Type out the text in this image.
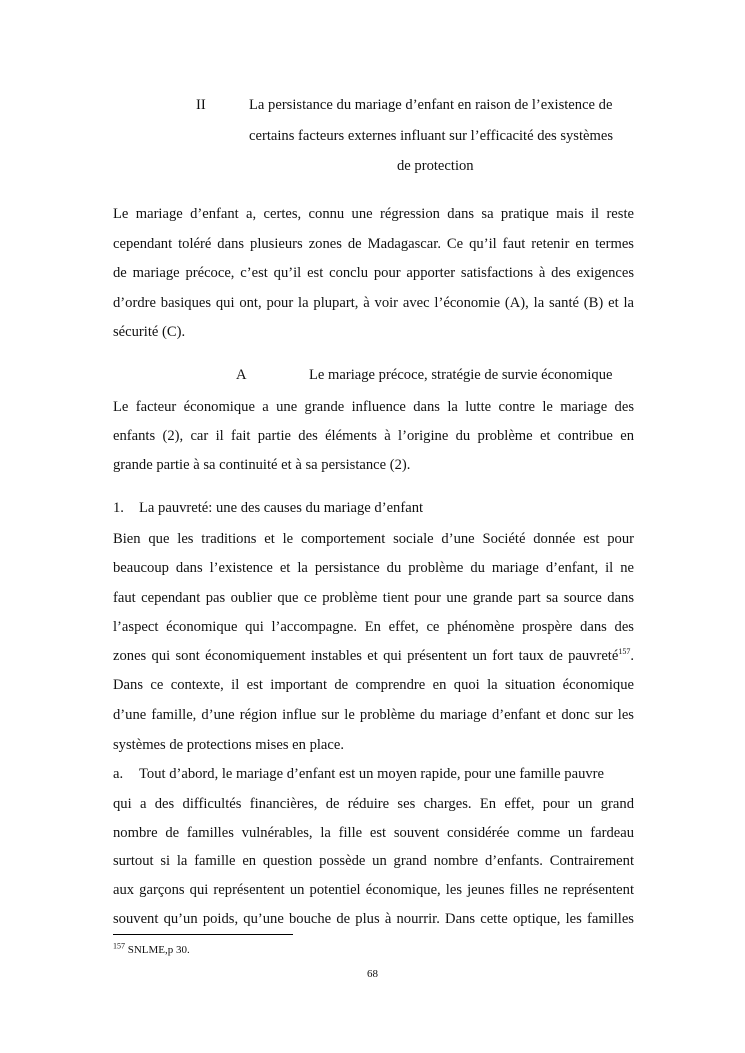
II	La persistance du mariage d’enfant en raison de l’existence de
certains facteurs externes influant sur l’efficacité des systèmes
de protection
Le mariage d’enfant a, certes, connu une régression dans sa pratique mais il reste
cependant toléré dans plusieurs zones de Madagascar. Ce qu’il faut retenir en termes
de mariage précoce, c’est qu’il est conclu pour apporter satisfactions à des exigences
d’ordre basiques qui ont, pour la plupart, à voir avec l’économie (A), la santé (B) et la
sécurité (C).
A	Le mariage précoce, stratégie de survie économique
Le facteur économique a une grande influence dans la lutte contre le mariage des
enfants (2), car il fait partie des éléments à l’origine du problème et contribue en
grande partie à sa continuité et à sa persistance (2).
1. La pauvreté: une des causes du mariage d’enfant
Bien que les traditions et le comportement sociale d’une Société donnée est pour
beaucoup dans l’existence et la persistance du problème du mariage d’enfant, il ne
faut cependant pas oublier que ce problème tient pour une grande part sa source dans
l’aspect économique qui l’accompagne. En effet, ce phénomène prospère dans des
zones qui sont économiquement instables et qui présentent un fort taux de pauvreté$^{157}$.
Dans ce contexte, il est important de comprendre en quoi la situation économique
d’une famille, d’une région influe sur le problème du mariage d’enfant et donc sur les
systèmes de protections mises en place.
a. Tout d’abord, le mariage d’enfant est un moyen rapide, pour une famille pauvre
qui a des difficultés financières, de réduire ses charges. En effet, pour un grand
nombre de familles vulnérables, la fille est souvent considérée comme un fardeau
surtout si la famille en question possède un grand nombre d’enfants. Contrairement
aux garçons qui représentent un potentiel économique, les jeunes filles ne représentent
souvent qu’un poids, qu’une bouche de plus à nourrir. Dans cette optique, les familles
$^{157}$ SNLME,p 30.
68
